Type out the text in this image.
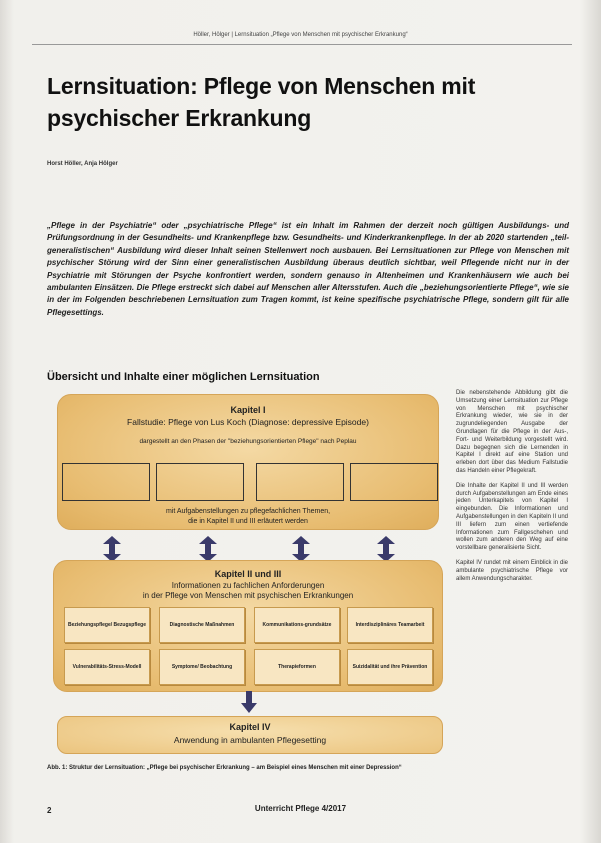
Höller, Hölger | Lernsituation „Pflege von Menschen mit psychischer Erkrankung“
Lernsituation: Pflege von Menschen mit
psychischer Erkrankung
Horst Höller, Anja Hölger

„Pflege in der Psychiatrie“ oder „psychiatrische Pflege“ ist ein Inhalt im Rahmen der derzeit noch gültigen Ausbildungs- und Prüfungsordnung in der Gesundheits- und Krankenpflege bzw. Gesundheits- und Kinderkrankenpflege. In der ab 2020 startenden „teil-generalistischen“ Ausbildung wird dieser Inhalt seinen Stellenwert noch ausbauen. Bei Lernsituationen zur Pflege von Menschen mit psychischer Störung wird der Sinn einer generalistischen Ausbildung überaus deutlich sichtbar, weil Pflegende nicht nur in der Psychiatrie mit Störungen der Psyche konfrontiert werden, sondern genauso in Altenheimen und Krankenhäusern wie auch bei ambulanten Einsätzen. Die Pflege erstreckt sich dabei auf Menschen aller Altersstufen. Auch die „beziehungsorientierte Pflege“, wie sie in der im Folgenden beschriebenen Lernsituation zum Tragen kommt, ist keine spezifische psychiatrische Pflege, sondern gilt für alle Pflegesettings.

Übersicht und Inhalte einer möglichen Lernsituation
Kapitel I
Fallstudie: Pflege von Lus Koch (Diagnose: depressive Episode)
dargestellt an den Phasen der "beziehungsorientierten Pflege" nach Peplau
mit Aufgabenstellungen zu pflegefachlichen Themen,
die in Kapitel II und III erläutert werden
Kapitel II und III
Informationen zu fachlichen Anforderungen
in der Pflege von Menschen mit psychischen Erkrankungen
Beziehungspflege/ Bezugspflege	Diagnostische Maßnahmen	Kommunikations-grundsätze	Interdisziplinäres Teamarbeit
Vulnerabilitäts-Stress-Modell	Symptome/ Beobachtung	Therapieformen	Suizidalität und ihre Prävention
Kapitel IV
Anwendung in ambulanten Pflegesetting

Abb. 1: Struktur der Lernsituation: „Pflege bei psychischer Erkrankung – am Beispiel eines Menschen mit einer Depression“

Die nebenstehende Abbildung gibt die Umsetzung einer Lernsituation zur Pflege von Menschen mit psychischer Erkrankung wieder, wie sie in der zugrundeliegenden Ausgabe der Grundlagen für die Pflege in der Aus-, Fort- und Weiterbildung vorgestellt wird. Dazu begegnen sich die Lernenden in Kapitel I direkt auf eine Station und erleben dort über das Medium Fallstudie das Handeln einer Pflegekraft.

Die Inhalte der Kapitel II und III werden durch Aufgabenstellungen am Ende eines jeden Unterkapitels von Kapitel I eingebunden. Die Informationen und Aufgabenstellungen in den Kapiteln II und III liefern zum einen vertiefende Informationen zum Fallgeschehen und wollen zum anderen den Weg auf eine vorstellbare generalisierte Sicht.

Kapitel IV rundet mit einem Einblick in die ambulante psychiatrische Pflege vor allem Anwendungscharakter.

2	Unterricht Pflege 4/2017
